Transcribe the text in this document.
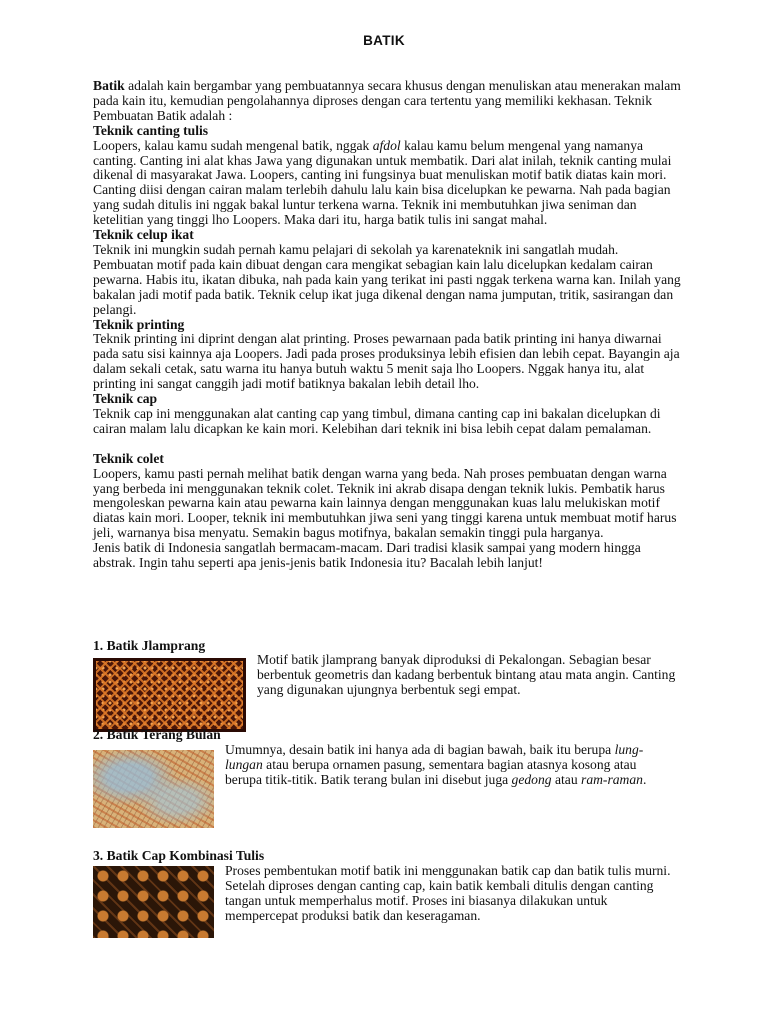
BATIK

Batik adalah kain bergambar yang pembuatannya secara khusus dengan menuliskan atau menerakan malam pada kain itu, kemudian pengolahannya diproses dengan cara tertentu yang memiliki kekhasan. Teknik Pembuatan Batik adalah :

Teknik canting tulis

Loopers, kalau kamu sudah mengenal batik, nggak afdol kalau kamu belum mengenal yang namanya canting. Canting ini alat khas Jawa yang digunakan untuk membatik. Dari alat inilah, teknik canting mulai dikenal di masyarakat Jawa. Loopers, canting ini fungsinya buat menuliskan motif batik diatas kain mori. Canting diisi dengan cairan malam terlebih dahulu lalu kain bisa dicelupkan ke pewarna. Nah pada bagian yang sudah ditulis ini nggak bakal luntur terkena warna. Teknik ini membutuhkan jiwa seniman dan ketelitian yang tinggi lho Loopers. Maka dari itu, harga batik tulis ini sangat mahal.

Teknik celup ikat

Teknik ini mungkin sudah pernah kamu pelajari di sekolah ya karenateknik ini sangatlah mudah. Pembuatan motif pada kain dibuat dengan cara mengikat sebagian kain lalu dicelupkan kedalam cairan pewarna. Habis itu, ikatan dibuka, nah pada kain yang terikat ini pasti nggak terkena warna kan. Inilah yang bakalan jadi motif pada batik. Teknik celup ikat juga dikenal dengan nama jumputan, tritik, sasirangan dan pelangi.

Teknik printing

Teknik printing ini diprint dengan alat printing. Proses pewarnaan pada batik printing ini hanya diwarnai pada satu sisi kainnya aja Loopers. Jadi pada proses produksinya lebih efisien dan lebih cepat. Bayangin aja dalam sekali cetak, satu warna itu hanya butuh waktu 5 menit saja lho Loopers. Nggak hanya itu, alat printing ini sangat canggih jadi motif batiknya bakalan lebih detail lho.

Teknik cap

Teknik cap ini menggunakan alat canting cap yang timbul, dimana canting cap ini bakalan dicelupkan di cairan malam lalu dicapkan ke kain mori. Kelebihan dari teknik ini bisa lebih cepat dalam pemalaman.

Teknik colet

Loopers, kamu pasti pernah melihat batik dengan warna yang beda. Nah proses pembuatan dengan warna yang berbeda ini menggunakan teknik colet. Teknik ini akrab disapa dengan teknik lukis. Pembatik harus mengoleskan pewarna kain atau pewarna kain lainnya dengan menggunakan kuas lalu melukiskan motif diatas kain mori. Looper, teknik ini membutuhkan jiwa seni yang tinggi karena untuk membuat motif harus jeli, warnanya bisa menyatu. Semakin bagus motifnya, bakalan semakin tinggi pula harganya.

Jenis batik di Indonesia sangatlah bermacam-macam. Dari tradisi klasik sampai yang modern hingga abstrak. Ingin tahu seperti apa jenis-jenis batik Indonesia itu? Bacalah lebih lanjut!

1. Batik Jlamprang
Motif batik jlamprang banyak diproduksi di Pekalongan. Sebagian besar berbentuk geometris dan kadang berbentuk bintang atau mata angin. Canting yang digunakan ujungnya berbentuk segi empat.
2. Batik Terang Bulan
Umumnya, desain batik ini hanya ada di bagian bawah, baik itu berupa lung-lungan atau berupa ornamen pasung, sementara bagian atasnya kosong atau berupa titik-titik. Batik terang bulan ini disebut juga gedong atau ram-raman.
3. Batik Cap Kombinasi Tulis
Proses pembentukan motif batik ini menggunakan batik cap dan batik tulis murni. Setelah diproses dengan canting cap, kain batik kembali ditulis dengan canting tangan untuk memperhalus motif. Proses ini biasanya dilakukan untuk mempercepat produksi batik dan keseragaman.
